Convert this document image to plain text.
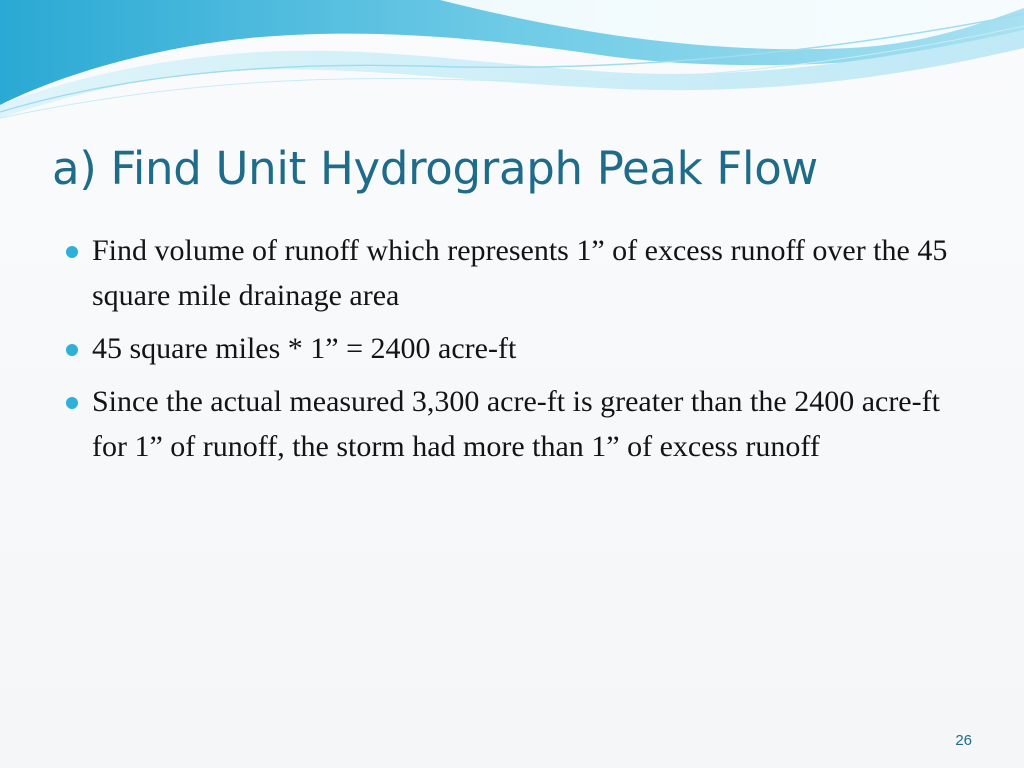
a) Find Unit Hydrograph Peak Flow
Find volume of runoff which represents 1” of excess runoff over the 45 square mile drainage area
45 square miles * 1” = 2400 acre-ft
Since the actual measured 3,300 acre-ft is greater than the 2400 acre-ft for 1” of runoff, the storm had more than 1” of excess runoff
26
